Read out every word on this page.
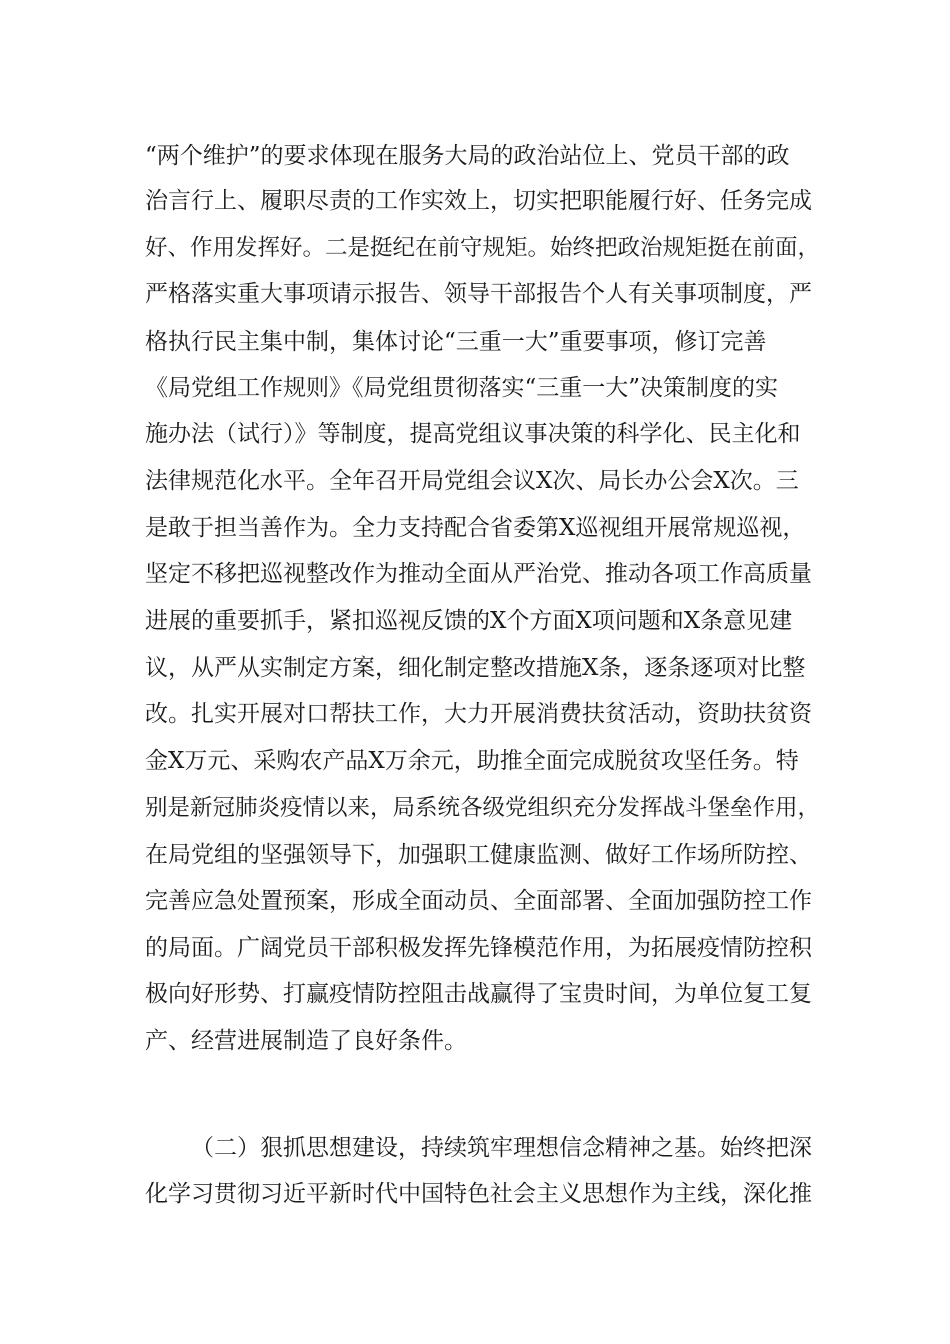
“两个维护”的要求体现在服务大局的政治站位上、党员干部的政
治言行上、履职尽责的工作实效上，切实把职能履行好、任务完成
好、作用发挥好。二是挺纪在前守规矩。始终把政治规矩挺在前面，
严格落实重大事项请示报告、领导干部报告个人有关事项制度，严
格执行民主集中制，集体讨论“三重一大”重要事项，修订完善
《局党组工作规则》《局党组贯彻落实“三重一大”决策制度的实
施办法（试行）》等制度，提高党组议事决策的科学化、民主化和
法律规范化水平。全年召开局党组会议X次、局长办公会X次。三
是敢于担当善作为。全力支持配合省委第X巡视组开展常规巡视，
坚定不移把巡视整改作为推动全面从严治党、推动各项工作高质量
进展的重要抓手，紧扣巡视反馈的X个方面X项问题和X条意见建
议，从严从实制定方案，细化制定整改措施X条，逐条逐项对比整
改。扎实开展对口帮扶工作，大力开展消费扶贫活动，资助扶贫资
金X万元、采购农产品X万余元，助推全面完成脱贫攻坚任务。特
别是新冠肺炎疫情以来，局系统各级党组织充分发挥战斗堡垒作用，
在局党组的坚强领导下，加强职工健康监测、做好工作场所防控、
完善应急处置预案，形成全面动员、全面部署、全面加强防控工作
的局面。广阔党员干部积极发挥先锋模范作用，为拓展疫情防控积
极向好形势、打赢疫情防控阻击战赢得了宝贵时间，为单位复工复
产、经营进展制造了良好条件。
（二）狠抓思想建设，持续筑牢理想信念精神之基。始终把深
化学习贯彻习近平新时代中国特色社会主义思想作为主线，深化推
